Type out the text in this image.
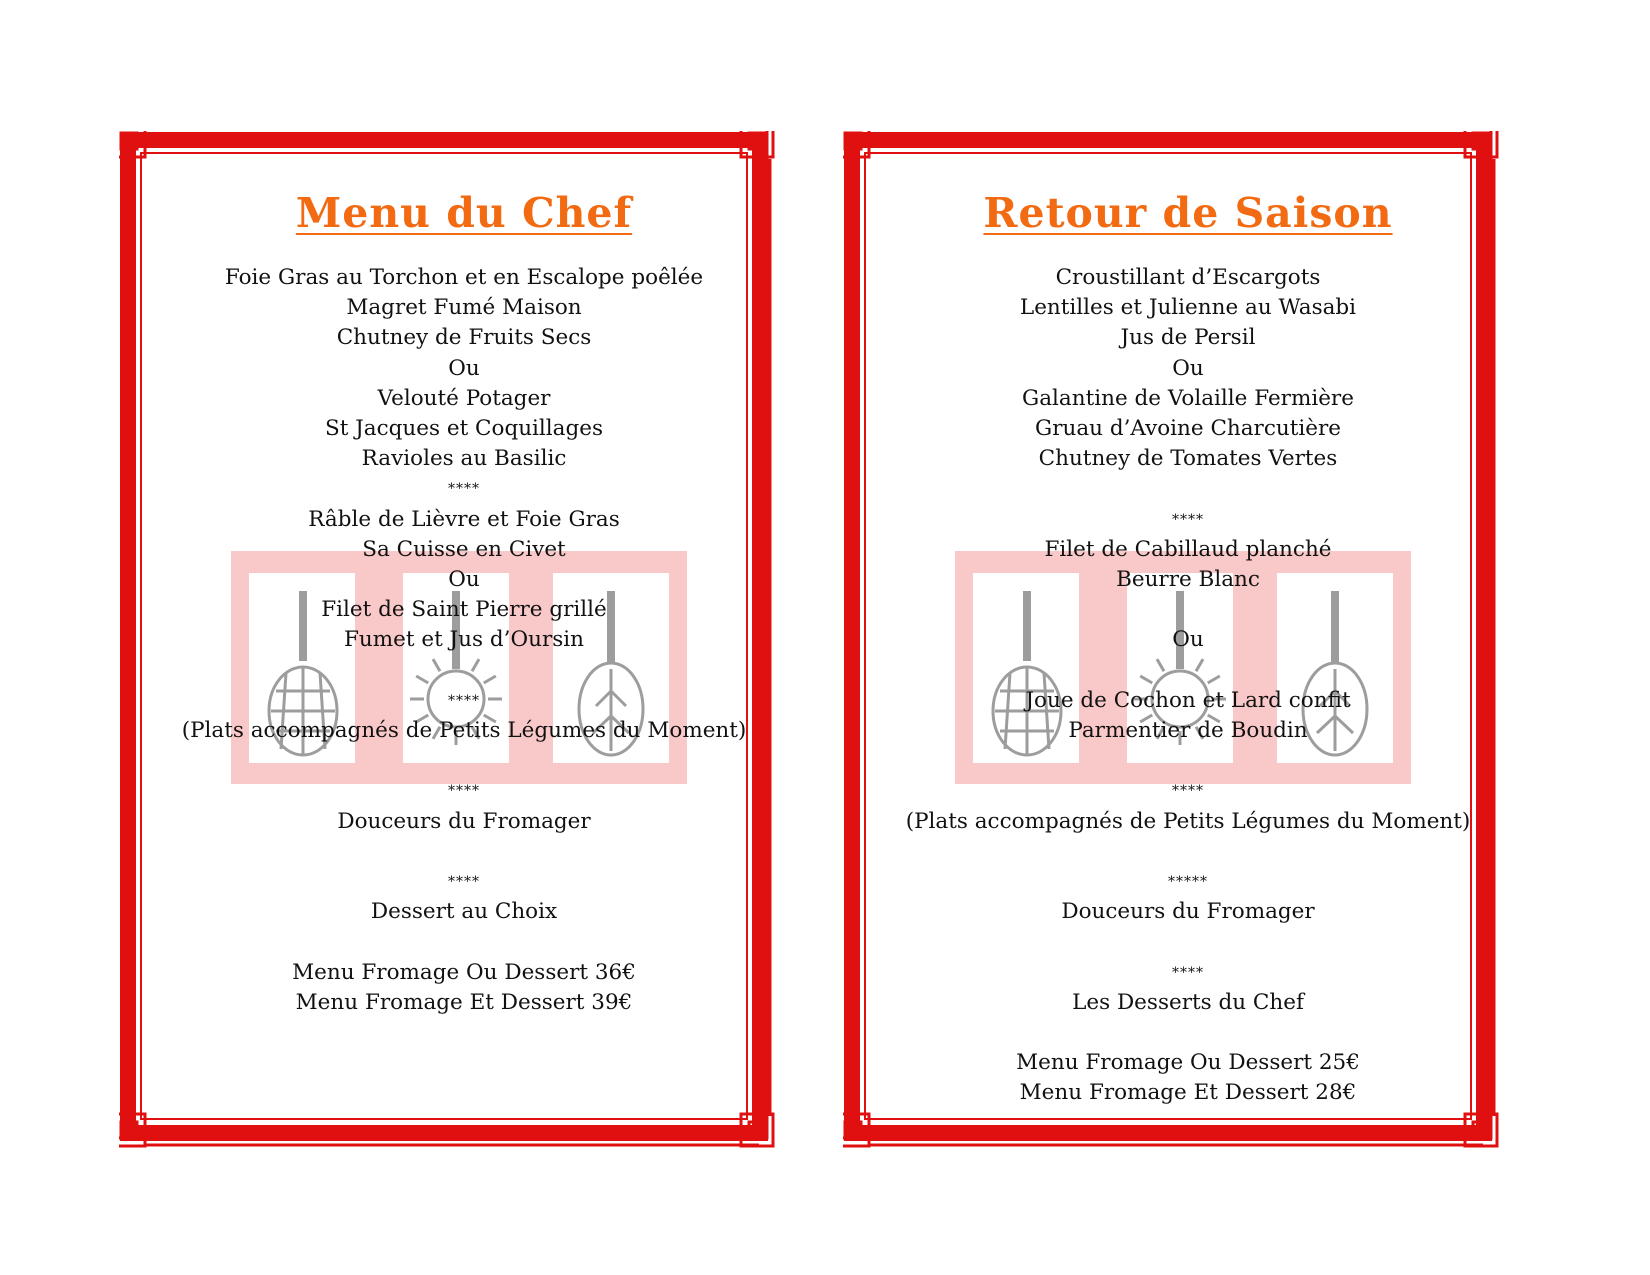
Menu du Chef
Foie Gras au Torchon et en Escalope poêlée
Magret Fumé Maison
Chutney de Fruits Secs
Ou
Velouté Potager
St Jacques et Coquillages
Ravioles au Basilic
****
Râble de Lièvre et Foie Gras
Sa Cuisse en Civet
Ou
Filet de Saint Pierre grillé
Fumet et Jus d’Oursin
****
(Plats accompagnés de Petits Légumes du Moment)
****
Douceurs du Fromager
****
Dessert au Choix
Menu Fromage Ou Dessert 36€
Menu Fromage Et Dessert 39€
Retour de Saison
Croustillant d’Escargots
Lentilles et Julienne au Wasabi
Jus de Persil
Ou
Galantine de Volaille Fermière
Gruau d’Avoine Charcutière
Chutney de Tomates Vertes
****
Filet de Cabillaud planché
Beurre Blanc
Ou
Joue de Cochon et Lard confit
Parmentier de Boudin
****
(Plats accompagnés de Petits Légumes du Moment)
*****
Douceurs du Fromager
****
Les Desserts du Chef
Menu Fromage Ou Dessert 25€
Menu Fromage Et Dessert 28€
